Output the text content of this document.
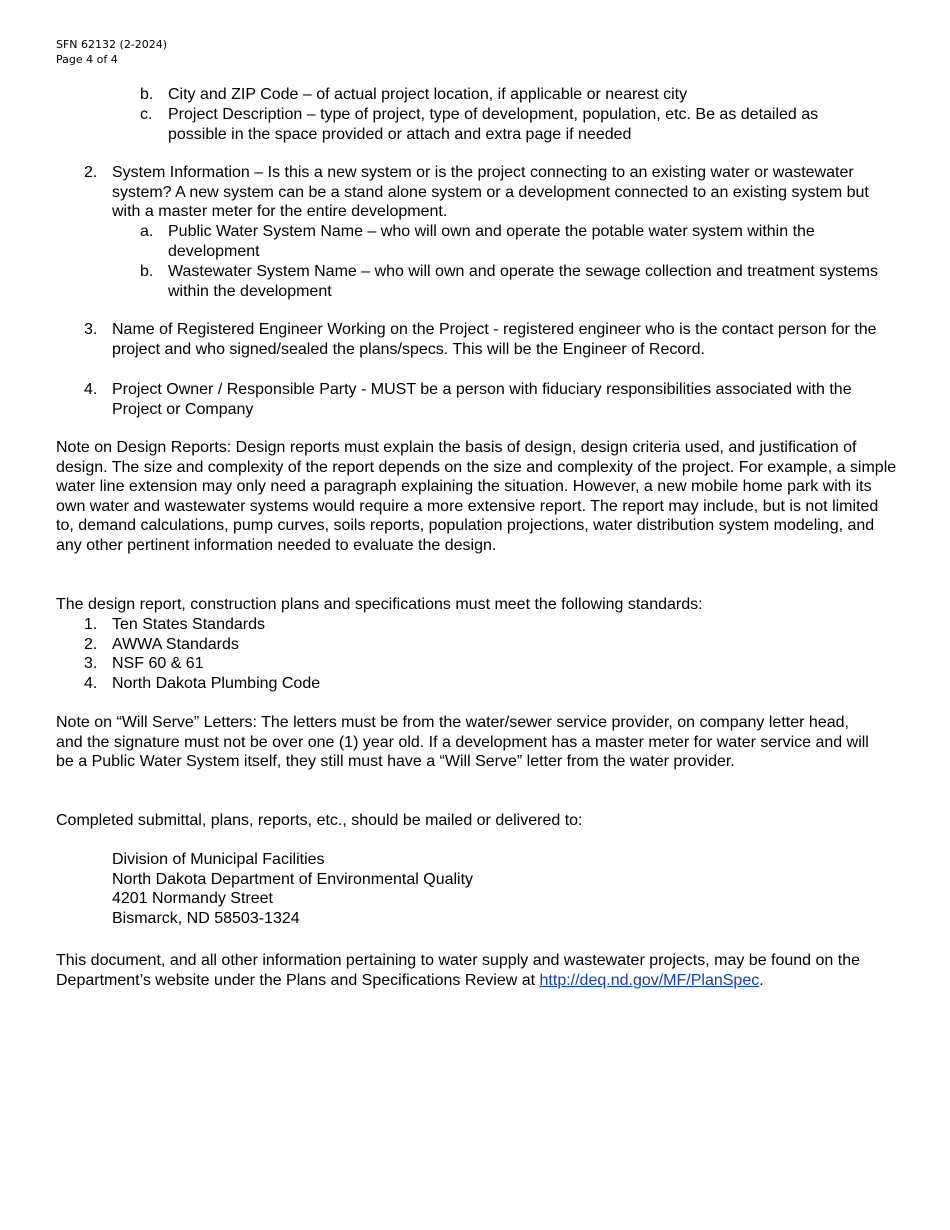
SFN 62132 (2-2024)
Page 4 of 4
b. City and ZIP Code – of actual project location, if applicable or nearest city
c. Project Description – type of project, type of development, population, etc. Be as detailed as possible in the space provided or attach and extra page if needed
2. System Information – Is this a new system or is the project connecting to an existing water or wastewater system? A new system can be a stand alone system or a development connected to an existing system but with a master meter for the entire development.
a. Public Water System Name – who will own and operate the potable water system within the development
b. Wastewater System Name – who will own and operate the sewage collection and treatment systems within the development
3. Name of Registered Engineer Working on the Project - registered engineer who is the contact person for the project and who signed/sealed the plans/specs. This will be the Engineer of Record.
4. Project Owner / Responsible Party - MUST be a person with fiduciary responsibilities associated with the Project or Company
Note on Design Reports: Design reports must explain the basis of design, design criteria used, and justification of design. The size and complexity of the report depends on the size and complexity of the project. For example, a simple water line extension may only need a paragraph explaining the situation. However, a new mobile home park with its own water and wastewater systems would require a more extensive report. The report may include, but is not limited to, demand calculations, pump curves, soils reports, population projections, water distribution system modeling, and any other pertinent information needed to evaluate the design.
The design report, construction plans and specifications must meet the following standards:
1. Ten States Standards
2. AWWA Standards
3. NSF 60 & 61
4. North Dakota Plumbing Code
Note on “Will Serve” Letters: The letters must be from the water/sewer service provider, on company letter head, and the signature must not be over one (1) year old. If a development has a master meter for water service and will be a Public Water System itself, they still must have a “Will Serve” letter from the water provider.
Completed submittal, plans, reports, etc., should be mailed or delivered to:
Division of Municipal Facilities
North Dakota Department of Environmental Quality
4201 Normandy Street
Bismarck, ND 58503-1324
This document, and all other information pertaining to water supply and wastewater projects, may be found on the Department’s website under the Plans and Specifications Review at http://deq.nd.gov/MF/PlanSpec.
